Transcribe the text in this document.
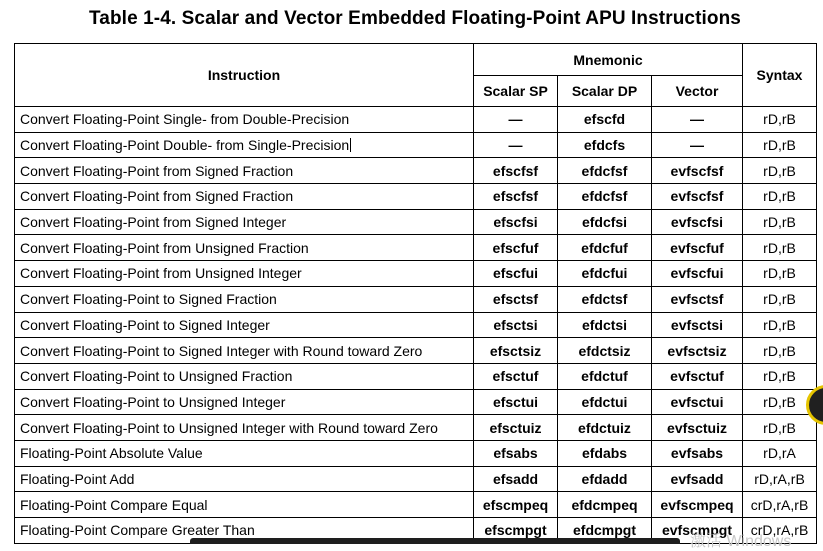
Table 1-4. Scalar and Vector Embedded Floating-Point APU Instructions
Instruction	Mnemonic			Syntax
	Scalar SP	Scalar DP	Vector	
Convert Floating-Point Single- from Double-Precision	—	efscfd	—	rD,rB
Convert Floating-Point Double- from Single-Precision	—	efdcfs	—	rD,rB
Convert Floating-Point from Signed Fraction	efscfsf	efdcfsf	evfscfsf	rD,rB
Convert Floating-Point from Signed Fraction	efscfsf	efdcfsf	evfscfsf	rD,rB
Convert Floating-Point from Signed Integer	efscfsi	efdcfsi	evfscfsi	rD,rB
Convert Floating-Point from Unsigned Fraction	efscfuf	efdcfuf	evfscfuf	rD,rB
Convert Floating-Point from Unsigned Integer	efscfui	efdcfui	evfscfui	rD,rB
Convert Floating-Point to Signed Fraction	efsctsf	efdctsf	evfsctsf	rD,rB
Convert Floating-Point to Signed Integer	efsctsi	efdctsi	evfsctsi	rD,rB
Convert Floating-Point to Signed Integer with Round toward Zero	efsctsiz	efdctsiz	evfsctsiz	rD,rB
Convert Floating-Point to Unsigned Fraction	efsctuf	efdctuf	evfsctuf	rD,rB
Convert Floating-Point to Unsigned Integer	efsctui	efdctui	evfsctui	rD,rB
Convert Floating-Point to Unsigned Integer with Round toward Zero	efsctuiz	efdctuiz	evfsctuiz	rD,rB
Floating-Point Absolute Value	efsabs	efdabs	evfsabs	rD,rA
Floating-Point Add	efsadd	efdadd	evfsadd	rD,rA,rB
Floating-Point Compare Equal	efscmpeq	efdcmpeq	evfscmpeq	crD,rA,rB
Floating-Point Compare Greater Than	efscmpgt	efdcmpgt	evfscmpgt	crD,rA,rB
激活 Windows
